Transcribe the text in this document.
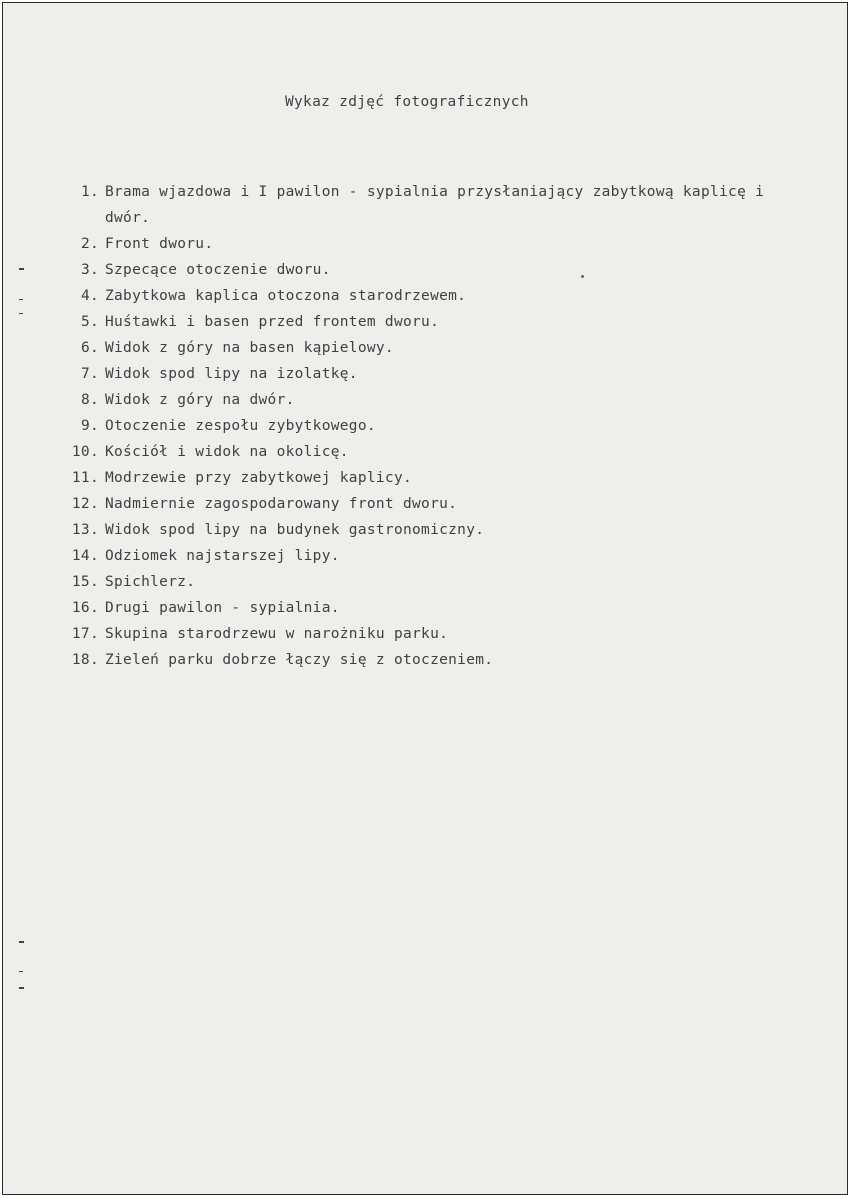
Wykaz zdjęć fotograficznych
1. Brama wjazdowa i I pawilon - sypialnia przysłaniający zabytkową kaplicę i dwór.
2. Front dworu.
3. Szpecące otoczenie dworu.
4. Zabytkowa kaplica otoczona starodrzewem.
5. Huśtawki i basen przed frontem dworu.
6. Widok z góry na basen kąpielowy.
7. Widok spod lipy na izolatkę.
8. Widok z góry na dwór.
9. Otoczenie zespołu zybytkowego.
10. Kościół i widok na okolicę.
11. Modrzewie przy zabytkowej kaplicy.
12. Nadmiernie zagospodarowany front dworu.
13. Widok spod lipy na budynek gastronomiczny.
14. Odziomek najstarszej lipy.
15. Spichlerz.
16. Drugi pawilon - sypialnia.
17. Skupina starodrzewu w narożniku parku.
18. Zieleń parku dobrze łączy się z otoczeniem.
